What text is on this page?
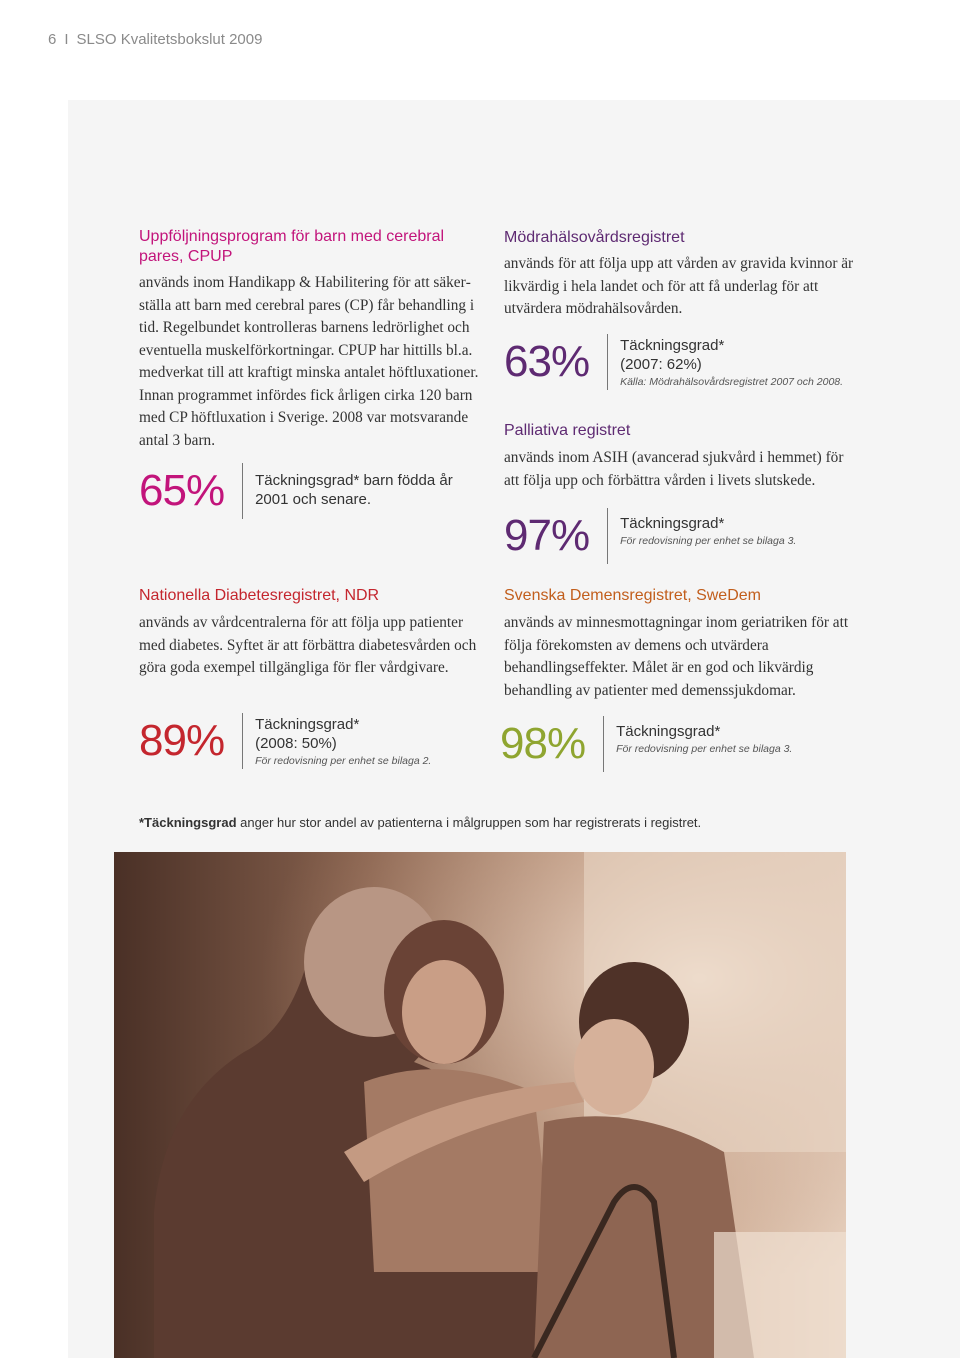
6 I SLSO Kvalitetsbokslut 2009
Uppföljningsprogram för barn med cerebral pares, CPUP
används inom Handikapp & Habilitering för att säkerställa att barn med cerebral pares (CP) får behandling i tid. Regelbundet kontrolleras barnens ledrörlighet och eventuella muskelförkortningar. CPUP har hittills bl.a. medverkat till att kraftigt minska antalet höftluxationer. Innan programmet infördes fick årligen cirka 120 barn med CP höftluxation i Sverige. 2008 var motsvarande antal 3 barn.
65% Täckningsgrad* barn födda år 2001 och senare.
Mödrahälsovårdsregistret
används för att följa upp att vården av gravida kvinnor är likvärdig i hela landet och för att få underlag för att utvärdera mödrahälsovården.
63% Täckningsgrad*
(2007: 62%)
Källa: Mödrahälsovårdsregistret 2007 och 2008.
Palliativa registret
används inom ASIH (avancerad sjukvård i hemmet) för att följa upp och förbättra vården i livets slutskede.
97% Täckningsgrad*
För redovisning per enhet se bilaga 3.
Nationella Diabetesregistret, NDR
används av vårdcentralerna för att följa upp patienter med diabetes. Syftet är att förbättra diabetesvården och göra goda exempel tillgängliga för fler vårdgivare.
89% Täckningsgrad*
(2008: 50%)
För redovisning per enhet se bilaga 2.
Svenska Demensregistret, SweDem
används av minnesmottagningar inom geriatriken för att följa förekomsten av demens och utvärdera behandlingseffekter. Målet är en god och likvärdig behandling av patienter med demenssjukdomar.
98% Täckningsgrad*
För redovisning per enhet se bilaga 3.
*Täckningsgrad anger hur stor andel av patienterna i målgruppen som har registrerats i registret.
